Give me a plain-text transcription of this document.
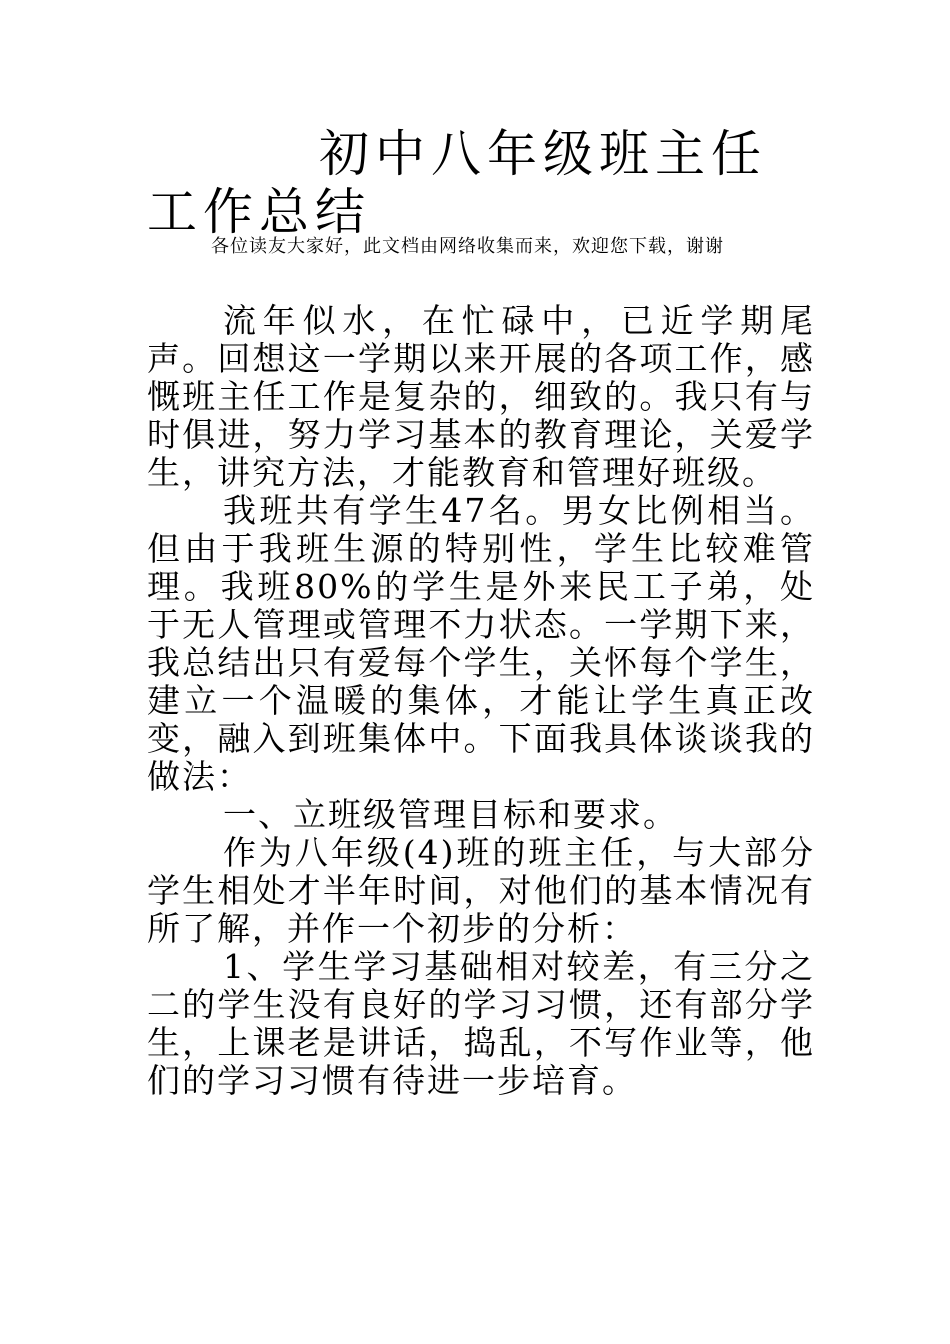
初中八年级班主任工作总结

各位读友大家好，此文档由网络收集而来，欢迎您下载，谢谢

流年似水，在忙碌中，已近学期尾声。回想这一学期以来开展的各项工作，感慨班主任工作是复杂的，细致的。我只有与时俱进，努力学习基本的教育理论，关爱学生，讲究方法，才能教育和管理好班级。

我班共有学生47名。男女比例相当。但由于我班生源的特别性，学生比较难管理。我班80%的学生是外来民工子弟，处于无人管理或管理不力状态。一学期下来，我总结出只有爱每个学生，关怀每个学生，建立一个温暖的集体，才能让学生真正改变，融入到班集体中。下面我具体谈谈我的做法：

一、立班级管理目标和要求。

作为八年级(4)班的班主任，与大部分学生相处才半年时间，对他们的基本情况有所了解，并作一个初步的分析：

1、学生学习基础相对较差，有三分之二的学生没有良好的学习习惯，还有部分学生，上课老是讲话，捣乱，不写作业等，他们的学习习惯有待进一步培育。
